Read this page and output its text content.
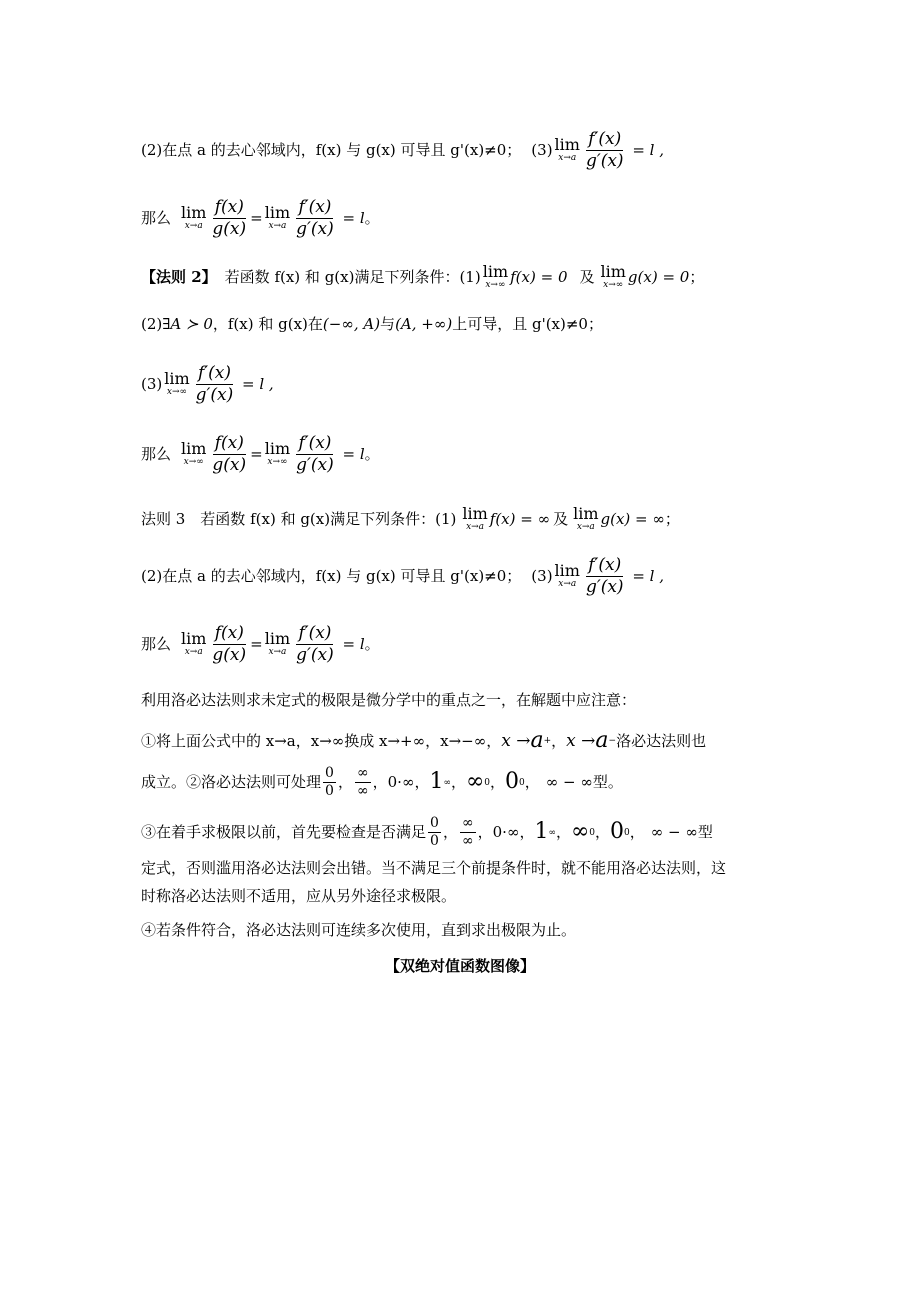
(2)在点 a 的去心邻域内，f(x) 与 g(x) 可导且 g'(x)≠0； (3) lim
$x\to a \frac{f'(x)}{g'(x)} = l$ ,
那么 lim
$x\to a \frac{f(x)}{g(x)} = \lim$
$x\to a \frac{f'(x)}{g'(x)} = l$ 。
【法则 2】 若函数 f(x) 和 g(x)满足下列条件：(1) lim
x→∞ f(x) = 0 及 lim
x→∞ g(x) = 0 ；
(2) ∃A ≻ 0 ，f(x) 和 g(x)在 (−∞, A) 与 (A, +∞) 上可导，且 g'(x)≠0；
(3) lim
$x\to\infty \frac{f'(x)}{g'(x)} = l$ ,
那么 lim
$x\to\infty \frac{f(x)}{g(x)} = \lim$
$x\to\infty \frac{f'(x)}{g'(x)} = l$ 。
法则 3　若函数 f(x) 和 g(x)满足下列条件：(1) lim
x→a f(x) = ∞ 及 lim
x→a g(x) = ∞ ；
(2)在点 a 的去心邻域内，f(x) 与 g(x) 可导且 g'(x)≠0； (3) lim
$x\to a \frac{f'(x)}{g'(x)} = l$ ,
那么 lim
$x\to a \frac{f(x)}{g(x)} = \lim$
$x\to a \frac{f'(x)}{g'(x)} = l$ 。
利用洛必达法则求未定式的极限是微分学中的重点之一，在解题中应注意：
①将上面公式中的 x→a，x→∞换成 x→+∞，x→−∞， x → a + ， x → a − 洛必达法则也
成立。②洛必达法则可处理 $\frac{0}{0}$ ， $\frac{\infty}{\infty}$ ， 0·∞， 1 ∞ ， ∞ 0 ， 0 0 ， ∞ − ∞ 型。
③在着手求极限以前，首先要检查是否满足 $\frac{0}{0}$ ， $\frac{\infty}{\infty}$ ， 0·∞， 1 ∞ ， ∞ 0 ， 0 0 ， ∞ − ∞ 型
定式，否则滥用洛必达法则会出错。当不满足三个前提条件时，就不能用洛必达法则，这
时称洛必达法则不适用，应从另外途径求极限。
④若条件符合，洛必达法则可连续多次使用，直到求出极限为止。
【双绝对值函数图像】
